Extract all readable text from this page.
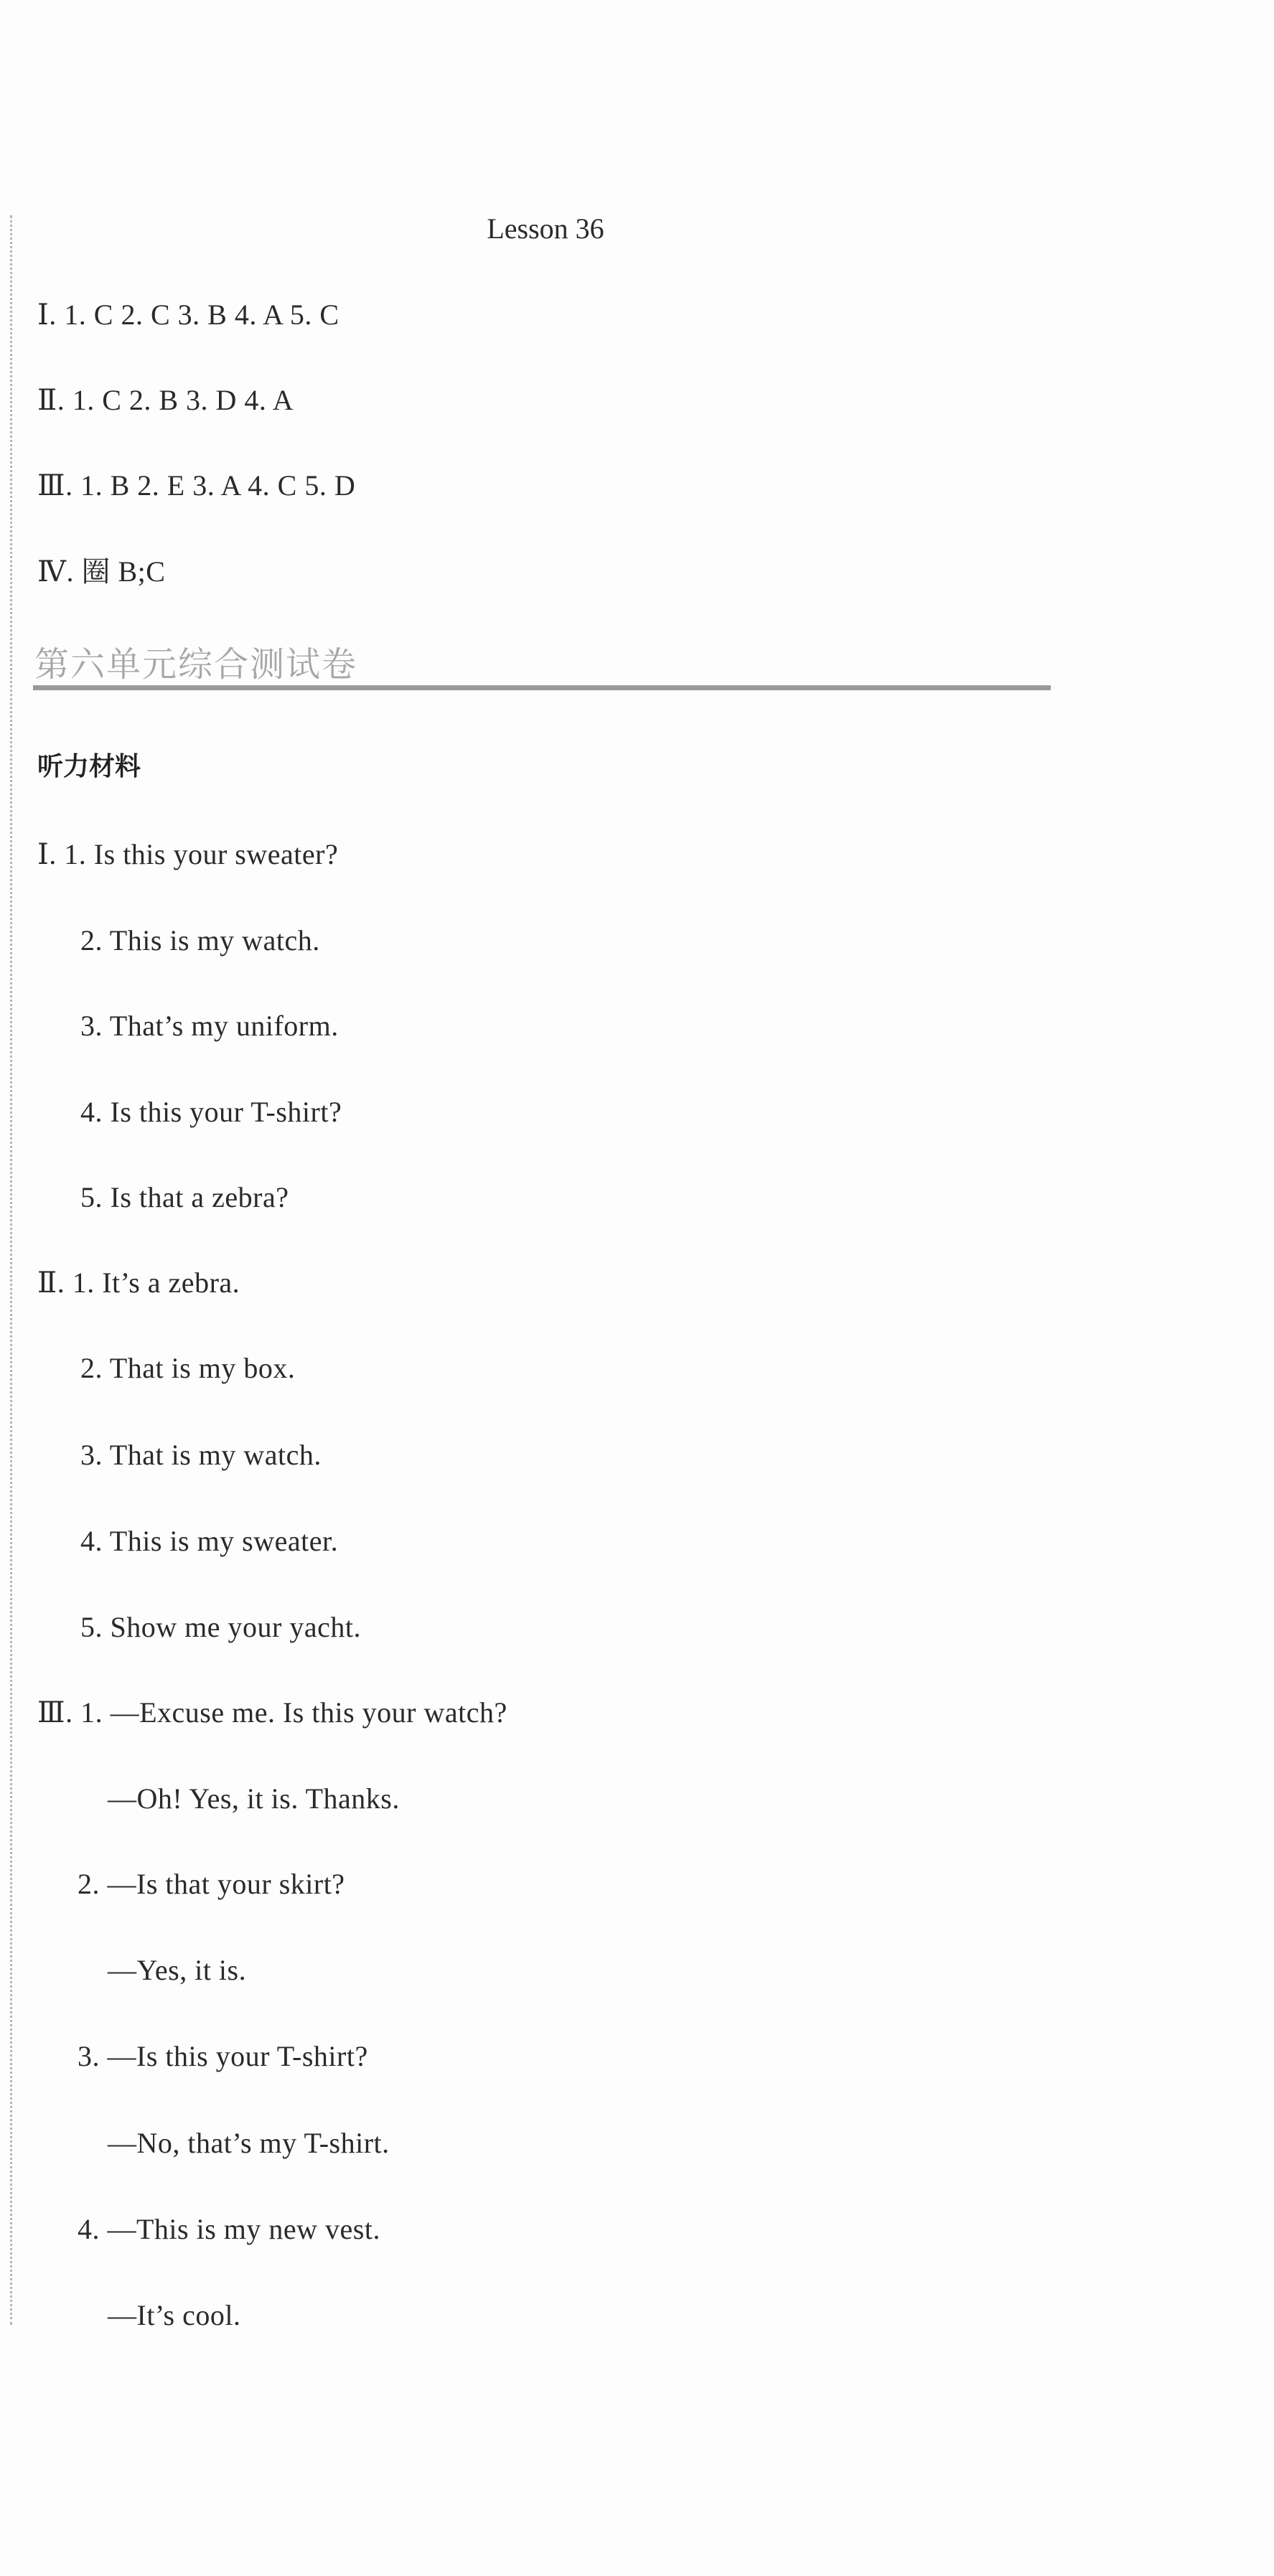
Lesson 36
Ⅰ. 1. C 2. C 3. B 4. A 5. C
Ⅱ. 1. C 2. B 3. D 4. A
Ⅲ. 1. B 2. E 3. A 4. C 5. D
Ⅳ. 圈 B;C
第六单元综合测试卷
听力材料
Ⅰ. 1. Is this your sweater?
2. This is my watch.
3. That’s my uniform.
4. Is this your T-shirt?
5. Is that a zebra?
Ⅱ. 1. It’s a zebra.
2. That is my box.
3. That is my watch.
4. This is my sweater.
5. Show me your yacht.
Ⅲ. 1. —Excuse me. Is this your watch?
—Oh! Yes, it is. Thanks.
2. —Is that your skirt?
—Yes, it is.
3. —Is this your T-shirt?
—No, that’s my T-shirt.
4. —This is my new vest.
—It’s cool.
